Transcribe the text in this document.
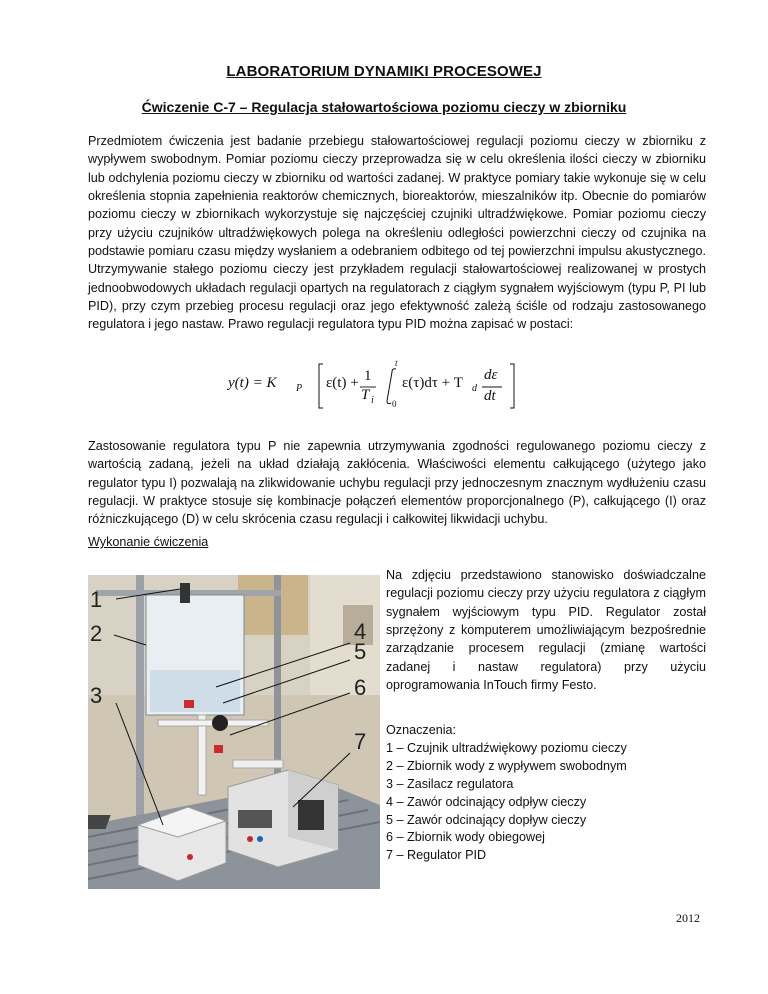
LABORATORIUM DYNAMIKI PROCESOWEJ
Ćwiczenie C-7 – Regulacja stałowartościowa poziomu cieczy w zbiorniku
Przedmiotem ćwiczenia jest badanie przebiegu stałowartościowej regulacji poziomu cieczy w zbiorniku z wypływem swobodnym. Pomiar poziomu cieczy przeprowadza się w celu określenia ilości cieczy w zbiorniku lub odchylenia poziomu cieczy w zbiorniku od wartości zadanej. W praktyce pomiary takie wykonuje się w celu określenia stopnia zapełnienia reaktorów chemicznych, bioreaktorów, mieszalników itp. Obecnie do pomiarów poziomu cieczy w zbiornikach wykorzystuje się najczęściej czujniki ultradźwiękowe. Pomiar poziomu cieczy przy użyciu czujników ultradźwiękowych polega na określeniu odległości powierzchni cieczy od czujnika na podstawie pomiaru czasu między wysłaniem a odebraniem odbitego od tej powierzchni impulsu akustycznego. Utrzymywanie stałego poziomu cieczy jest przykładem regulacji stałowartościowej realizowanej w prostych jednoobwodowych układach regulacji opartych na regulatorach z ciągłym sygnałem wyjściowym (typu P, PI lub PID), przy czym przebieg procesu regulacji oraz jego efektywność zależą ściśle od rodzaju zastosowanego regulatora i jego nastaw. Prawo regulacji regulatora typu PID można zapisać w postaci:
y(t) = K P ε(t) + 1
T i
t
0
ε(τ)dτ + T d
dε
dt
Zastosowanie regulatora typu P nie zapewnia utrzymywania zgodności regulowanego poziomu cieczy z wartością zadaną, jeżeli na układ działają zakłócenia. Właściwości elementu całkującego (użytego jako regulator typu I) pozwalają na zlikwidowanie uchybu regulacji przy jednoczesnym znacznym wydłużeniu czasu regulacji. W praktyce stosuje się kombinacje połączeń elementów proporcjonalnego (P), całkującego (I) oraz różniczkującego (D) w celu skrócenia czasu regulacji i całkowitej likwidacji uchybu.
Wykonanie ćwiczenia
1
2
3
4
5
6
7
Na zdjęciu przedstawiono stanowisko doświadczalne regulacji poziomu cieczy przy użyciu regulatora z ciągłym sygnałem wyjściowym typu PID. Regulator został sprzężony z komputerem umożliwiającym bezpośrednie zarządzanie procesem regulacji (zmianę wartości zadanej i nastaw regulatora) przy użyciu oprogramowania InTouch firmy Festo.
Oznaczenia:
1 – Czujnik ultradźwiękowy poziomu cieczy
2 – Zbiornik wody z wypływem swobodnym
3 – Zasilacz regulatora
4 – Zawór odcinający odpływ cieczy
5 – Zawór odcinający dopływ cieczy
6 – Zbiornik wody obiegowej
7 – Regulator PID
2012
